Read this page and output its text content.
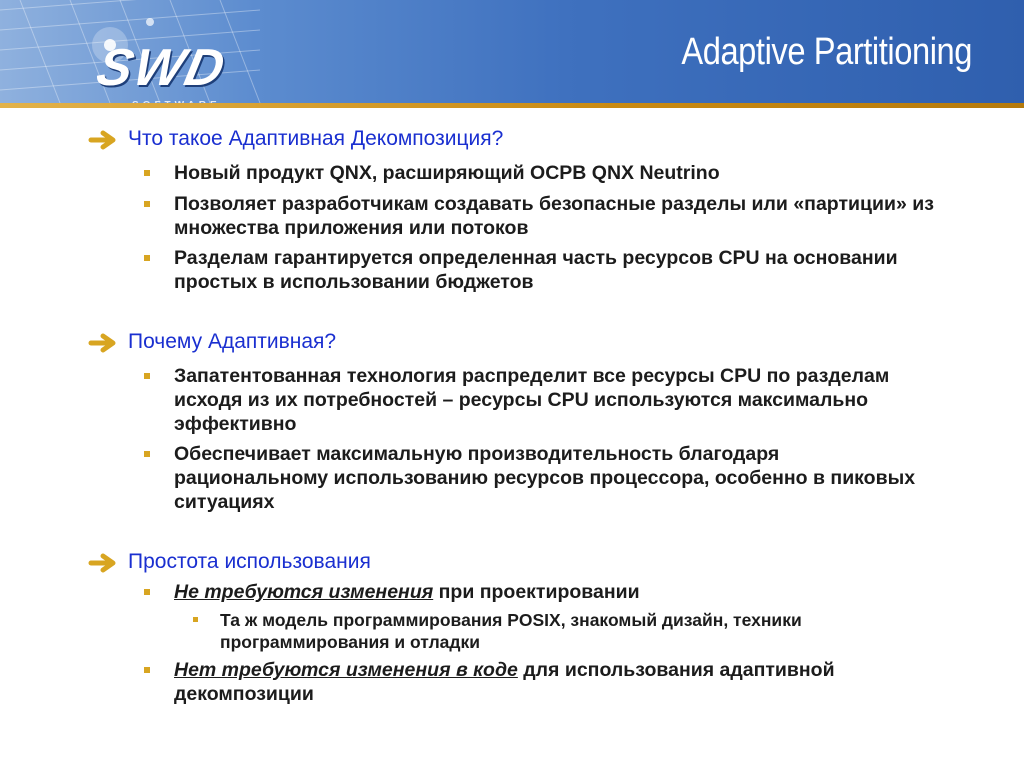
SWD	Adaptive Partitioning
Что такое Адаптивная Декомпозиция?
Новый продукт QNX, расширяющий ОСРВ QNX Neutrino
Позволяет разработчикам создавать безопасные разделы или «партиции» из множества приложения или потоков
Разделам гарантируется определенная часть ресурсов CPU на основании простых в использовании бюджетов
Почему Адаптивная?
Запатентованная технология распределит все ресурсы CPU по разделам исходя из их потребностей – ресурсы CPU используются максимально эффективно
Обеспечивает максимальную производительность благодаря рациональному использованию ресурсов процессора, особенно в пиковых ситуациях
Простота использования
Не требуются изменения при проектировании
Та ж модель программирования POSIX, знакомый дизайн, техники программирования и отладки
Нет требуются изменения в коде для использования адаптивной декомпозиции
